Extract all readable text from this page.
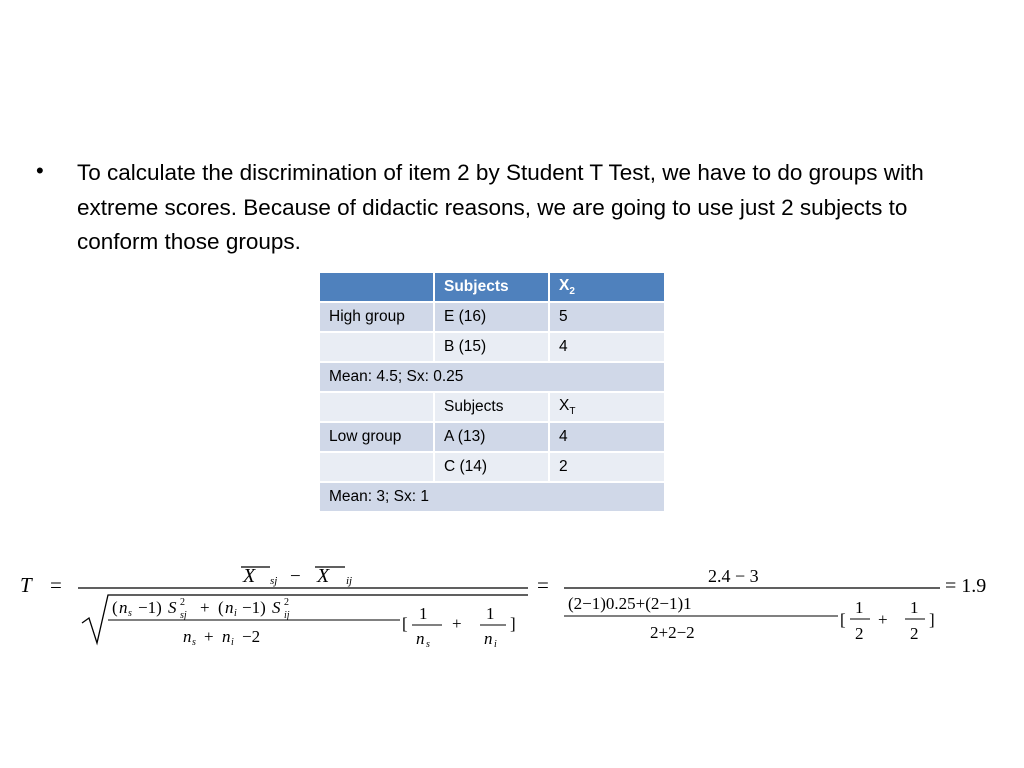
• To calculate the discrimination of item 2 by Student T Test, we have to do groups with extreme scores. Because of didactic reasons, we are going to use just 2 subjects to conform those groups.
	Subjects	$X_2$
High group	E (16)	5
	B (15)	4
Mean: 4.5; Sx: 0.25		
	Subjects	$X_T$
Low group	A (13)	4
	C (14)	2
Mean: 3; Sx: 1		
T =	X sj − X ij
( n s −1) S 2
sj + ( n i −1) S 2
ij
n s + n i −2
[
1
n s
+
1
n i
]
=	2.4 − 3
(2−1)0.25+(2−1)1
2+2−2
[
1
2
+
1
2
]
= 1.9
